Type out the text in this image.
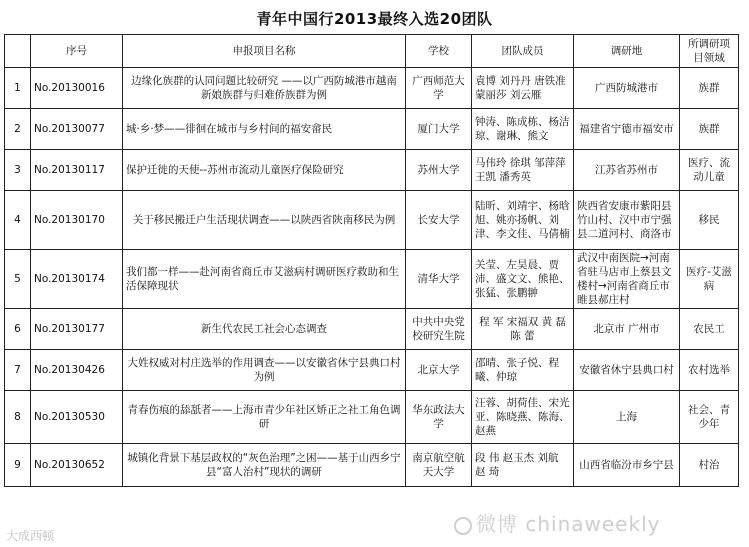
青年中国行2013最终入选20团队
	序号	申报项目名称	学校	团队成员	调研地	所调研项目领域
1	No.20130016	边缘化族群的认同问题比较研究 ——以广西防城港市越南新娘族群与归难侨族群为例	广西师范大学	袁博 刘丹丹 唐铁准 蒙丽莎 刘云雁	广西防城港市	族群
2	No.20130077	城·乡·梦——徘徊在城市与乡村间的福安畲民	厦门大学	钟涛、陈成栋、杨洁琼、谢琳、熊文	福建省宁德市福安市	族群
3	No.20130117	保护迁徙的天使--苏州市流动儿童医疗保险研究	苏州大学	马伟玲 徐琪 邹萍萍 王凯 潘秀英	江苏省苏州市	医疗、流动儿童
4	No.20130170	关于移民搬迁户生活现状调查——以陕西省陕南移民为例	长安大学	陆昕、刘靖宇、杨晗旭、姚亦扬帆、刘津、李文佳、马倩楠	陕西省安康市紫阳县竹山村、汉中市宁强县二道河村、商洛市	移民
5	No.20130174	我们都一样——赴河南省商丘市艾滋病村调研医疗救助和生活保障现状	清华大学	关莹、左昊晨、贾沛、盛文文、熊艳、张猛、张鹏翀	武汉中南医院→河南省驻马店市上蔡县文楼村→河南省商丘市睢县郝庄村	医疗-艾滋病
6	No.20130177	新生代农民工社会心态调查	中共中央党校研究生院	程 军 宋福双 黄 磊 陈 蕾	北京市 广州市	农民工
7	No.20130426	大姓权威对村庄选举的作用调查——以安徽省休宁县典口村为例	北京大学	邵晴、张子悦、程曦、仲琼	安徽省休宁县典口村	农村选举
8	No.20130530	青春伤痕的舔舐者——上海市青少年社区矫正之社工角色调研	华东政法大学	汪蓉、胡荷佳、宋光亚、陈晓燕、陈海、赵燕	上海	社会、青少年
9	No.20130652	城镇化背景下基层政权的“灰色治理”之困——基于山西乡宁县“富人治村”现状的调研	南京航空航天大学	段 伟 赵玉杰 刘航 赵 琦	山西省临汾市乡宁县	村治
大成西顿	微博 chinaweekly
